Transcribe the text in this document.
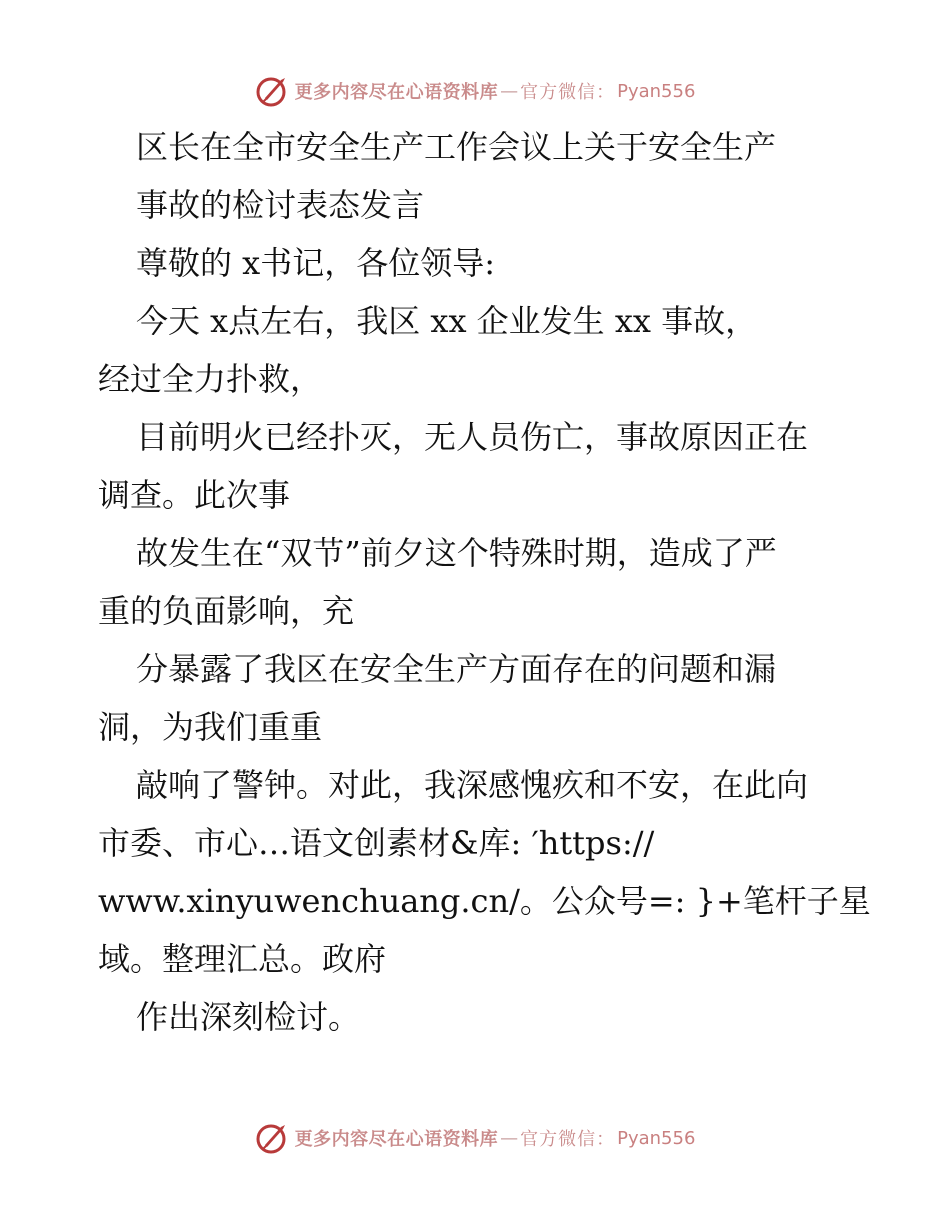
更多内容尽在心语资料库 — 官方微信： Pyan556
区长在全市安全生产工作会议上关于安全生产
事故的检讨表态发言
尊敬的 x书记，各位领导:
今天 x点左右，我区 xx 企业发生 xx 事故，
经过全力扑救，
目前明火已经扑灭，无人员伤亡，事故原因正在
调查。此次事
故发生在“双节”前夕这个特殊时期，造成了严
重的负面影响，充
分暴露了我区在安全生产方面存在的问题和漏
洞，为我们重重
敲响了警钟。对此，我深感愧疚和不安，在此向
市委、市心…语文创素材&库: ′https://
www.xinyuwenchuang.cn/。公众号=: }+笔杆子星
域。整理汇总。政府
作出深刻检讨。
更多内容尽在心语资料库 — 官方微信： Pyan556
